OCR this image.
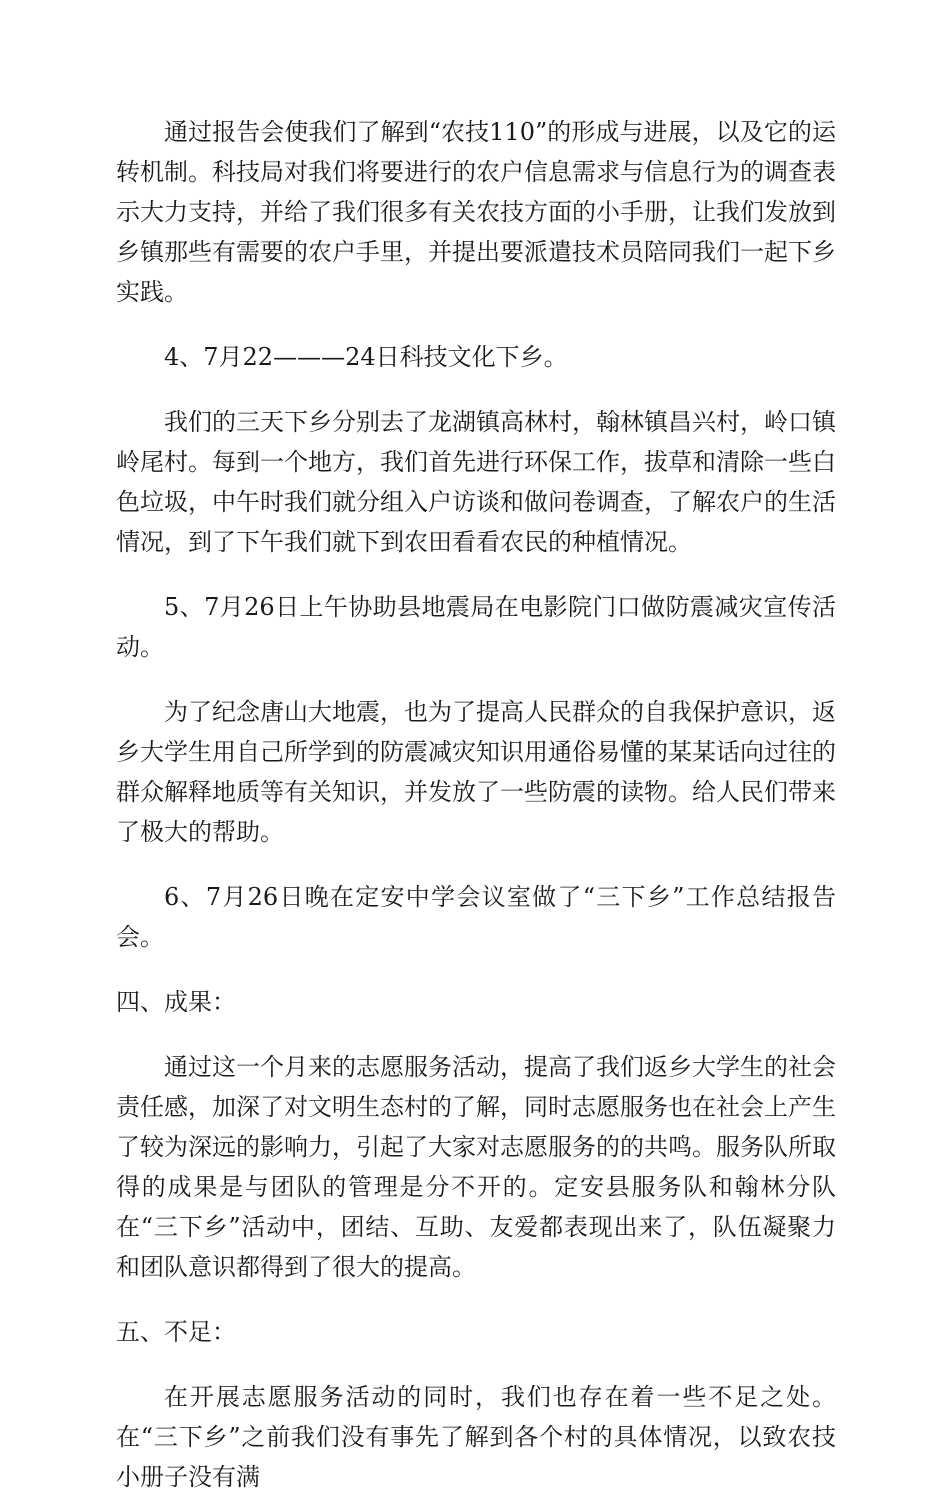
通过报告会使我们了解到“农技110”的形成与进展，以及它的运转机制。科技局对我们将要进行的农户信息需求与信息行为的调查表示大力支持，并给了我们很多有关农技方面的小手册，让我们发放到乡镇那些有需要的农户手里，并提出要派遣技术员陪同我们一起下乡实践。

4、7月22———24日科技文化下乡。

我们的三天下乡分别去了龙湖镇高林村，翰林镇昌兴村，岭口镇岭尾村。每到一个地方，我们首先进行环保工作，拔草和清除一些白色垃圾，中午时我们就分组入户访谈和做问卷调查，了解农户的生活情况，到了下午我们就下到农田看看农民的种植情况。

5、7月26日上午协助县地震局在电影院门口做防震减灾宣传活动。

为了纪念唐山大地震，也为了提高人民群众的自我保护意识，返乡大学生用自己所学到的防震减灾知识用通俗易懂的某某话向过往的群众解释地质等有关知识，并发放了一些防震的读物。给人民们带来了极大的帮助。

6、7月26日晚在定安中学会议室做了“三下乡”工作总结报告会。

四、成果：

通过这一个月来的志愿服务活动，提高了我们返乡大学生的社会责任感，加深了对文明生态村的了解，同时志愿服务也在社会上产生了较为深远的影响力，引起了大家对志愿服务的的共鸣。服务队所取得的成果是与团队的管理是分不开的。定安县服务队和翰林分队在“三下乡”活动中，团结、互助、友爱都表现出来了，队伍凝聚力和团队意识都得到了很大的提高。

五、不足：

在开展志愿服务活动的同时，我们也存在着一些不足之处。在“三下乡”之前我们没有事先了解到各个村的具体情况，以致农技小册子没有满
